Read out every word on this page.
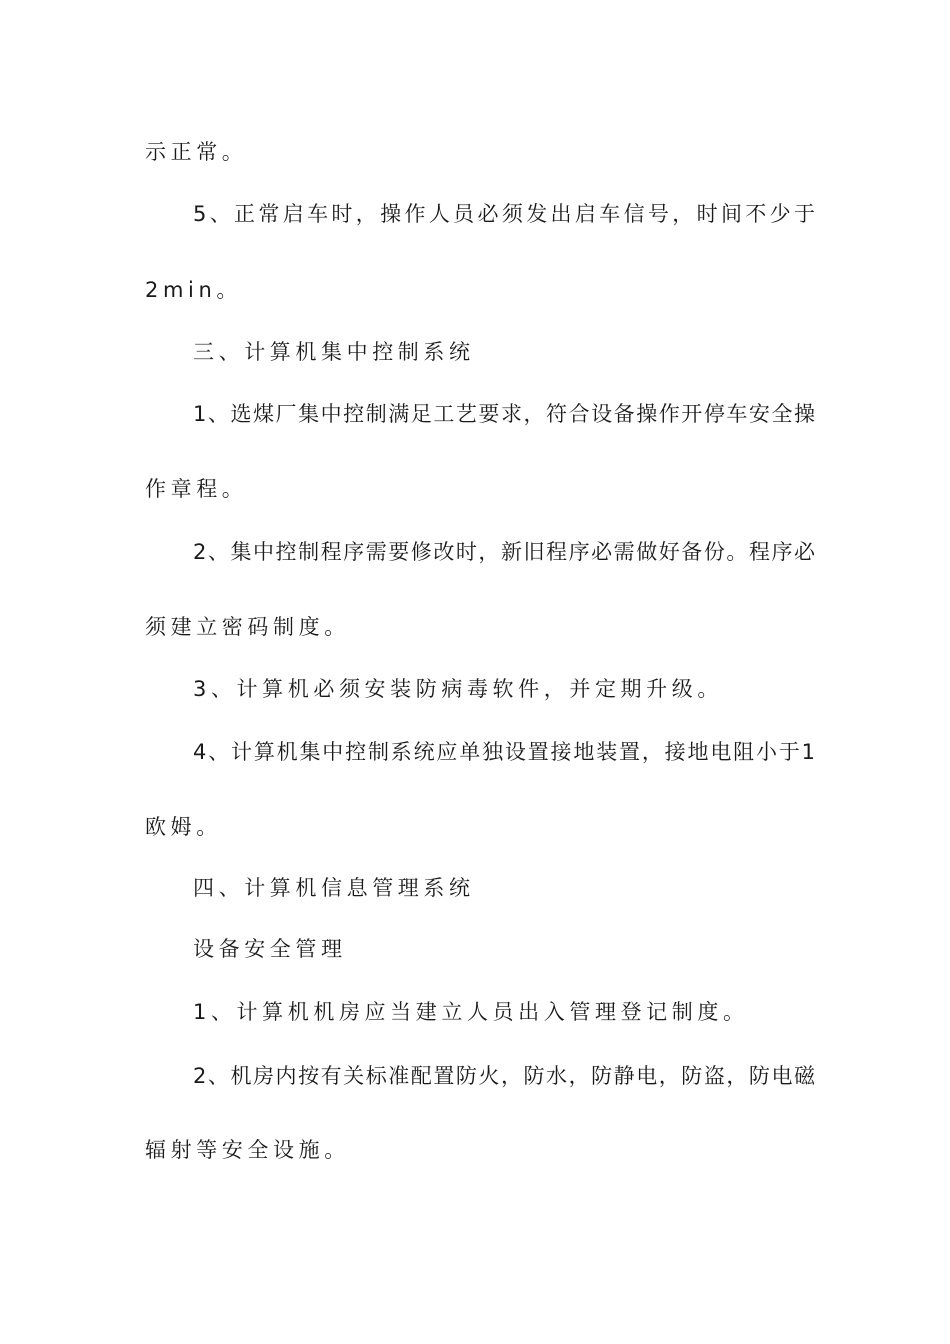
示正常。
5、正常启车时，操作人员必须发出启车信号，时间不少于
2min。
三、计算机集中控制系统
1、选煤厂集中控制满足工艺要求，符合设备操作开停车安全操
作章程。
2、集中控制程序需要修改时，新旧程序必需做好备份。程序必
须建立密码制度。
3、计算机必须安装防病毒软件，并定期升级。
4、计算机集中控制系统应单独设置接地装置，接地电阻小于1
欧姆。
四、计算机信息管理系统
设备安全管理
1、计算机机房应当建立人员出入管理登记制度。
2、机房内按有关标准配置防火，防水，防静电，防盗，防电磁
辐射等安全设施。
